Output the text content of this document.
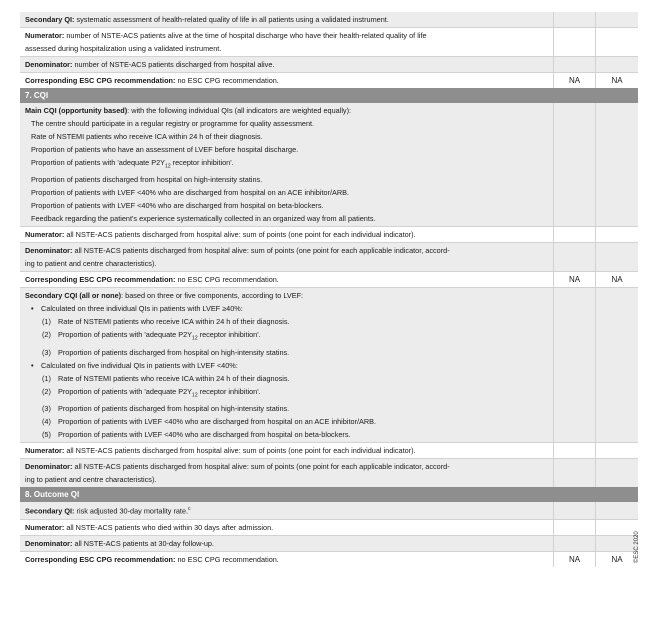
Secondary QI: systematic assessment of health-related quality of life in all patients using a validated instrument.
Numerator: number of NSTE-ACS patients alive at the time of hospital discharge who have their health-related quality of life
assessed during hospitalization using a validated instrument.
Denominator: number of NSTE-ACS patients discharged from hospital alive.
Corresponding ESC CPG recommendation: no ESC CPG recommendation.	NA	NA
7. CQI
Main CQI (opportunity based): with the following individual QIs (all indicators are weighted equally):
The centre should participate in a regular registry or programme for quality assessment.
Rate of NSTEMI patients who receive ICA within 24 h of their diagnosis.
Proportion of patients who have an assessment of LVEF before hospital discharge.
Proportion of patients with 'adequate $P2Y_{12}$ receptor inhibition'.
Proportion of patients discharged from hospital on high-intensity statins.
Proportion of patients with LVEF <40% who are discharged from hospital on an ACE inhibitor/ARB.
Proportion of patients with LVEF <40% who are discharged from hospital on beta-blockers.
Feedback regarding the patient's experience systematically collected in an organized way from all patients.
Numerator: all NSTE-ACS patients discharged from hospital alive: sum of points (one point for each individual indicator).
Denominator: all NSTE-ACS patients discharged from hospital alive: sum of points (one point for each applicable indicator, accord-
ing to patient and centre characteristics).
Corresponding ESC CPG recommendation: no ESC CPG recommendation.	NA	NA
Secondary CQI (all or none): based on three or five components, according to LVEF:
• Calculated on three individual QIs in patients with LVEF ≥40%:
(1) Rate of NSTEMI patients who receive ICA within 24 h of their diagnosis.
(2) Proportion of patients with 'adequate $P2Y_{12}$ receptor inhibition'.
(3) Proportion of patients discharged from hospital on high-intensity statins.
• Calculated on five individual QIs in patients with LVEF <40%:
(1) Rate of NSTEMI patients who receive ICA within 24 h of their diagnosis.
(2) Proportion of patients with 'adequate $P2Y_{12}$ receptor inhibition'.
(3) Proportion of patients discharged from hospital on high-intensity statins.
(4) Proportion of patients with LVEF <40% who are discharged from hospital on an ACE inhibitor/ARB.
(5) Proportion of patients with LVEF <40% who are discharged from hospital on beta-blockers.
Numerator: all NSTE-ACS patients discharged from hospital alive: sum of points (one point for each individual indicator).
Denominator: all NSTE-ACS patients discharged from hospital alive: sum of points (one point for each applicable indicator, accord-
ing to patient and centre characteristics).
8. Outcome QI
Secondary QI: risk adjusted 30-day mortality rate.$^c$
Numerator: all NSTE-ACS patients who died within 30 days after admission.
Denominator: all NSTE-ACS patients at 30-day follow-up.
Corresponding ESC CPG recommendation: no ESC CPG recommendation.	NA	NA	©ESC 2020
